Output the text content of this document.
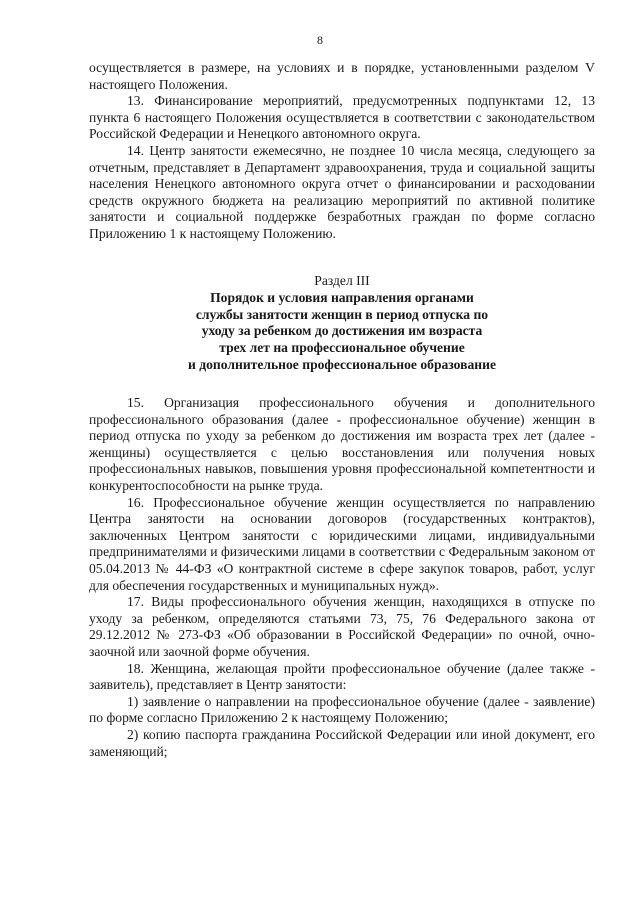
8

осуществляется в размере, на условиях и в порядке, установленными разделом V настоящего Положения.

13. Финансирование мероприятий, предусмотренных подпунктами 12, 13 пункта 6 настоящего Положения осуществляется в соответствии с законодательством Российской Федерации и Ненецкого автономного округа.

14. Центр занятости ежемесячно, не позднее 10 числа месяца, следующего за отчетным, представляет в Департамент здравоохранения, труда и социальной защиты населения Ненецкого автономного округа отчет о финансировании и расходовании средств окружного бюджета на реализацию мероприятий по активной политике занятости и социальной поддержке безработных граждан по форме согласно Приложению 1 к настоящему Положению.

Раздел III

Порядок и условия направления органами

службы занятости женщин в период отпуска по

уходу за ребенком до достижения им возраста

трех лет на профессиональное обучение

и дополнительное профессиональное образование

15. Организация профессионального обучения и дополнительного профессионального образования (далее - профессиональное обучение) женщин в период отпуска по уходу за ребенком до достижения им возраста трех лет (далее - женщины) осуществляется с целью восстановления или получения новых профессиональных навыков, повышения уровня профессиональной компетентности и конкурентоспособности на рынке труда.

16. Профессиональное обучение женщин осуществляется по направлению Центра занятости на основании договоров (государственных контрактов), заключенных Центром занятости с юридическими лицами, индивидуальными предпринимателями и физическими лицами в соответствии с Федеральным законом от 05.04.2013 № 44-ФЗ «О контрактной системе в сфере закупок товаров, работ, услуг для обеспечения государственных и муниципальных нужд».

17. Виды профессионального обучения женщин, находящихся в отпуске по уходу за ребенком, определяются статьями 73, 75, 76 Федерального закона от 29.12.2012 № 273-ФЗ «Об образовании в Российской Федерации» по очной, очно-заочной или заочной форме обучения.

18. Женщина, желающая пройти профессиональное обучение (далее также - заявитель), представляет в Центр занятости:

1) заявление о направлении на профессиональное обучение (далее - заявление) по форме согласно Приложению 2 к настоящему Положению;

2) копию паспорта гражданина Российской Федерации или иной документ, его заменяющий;
